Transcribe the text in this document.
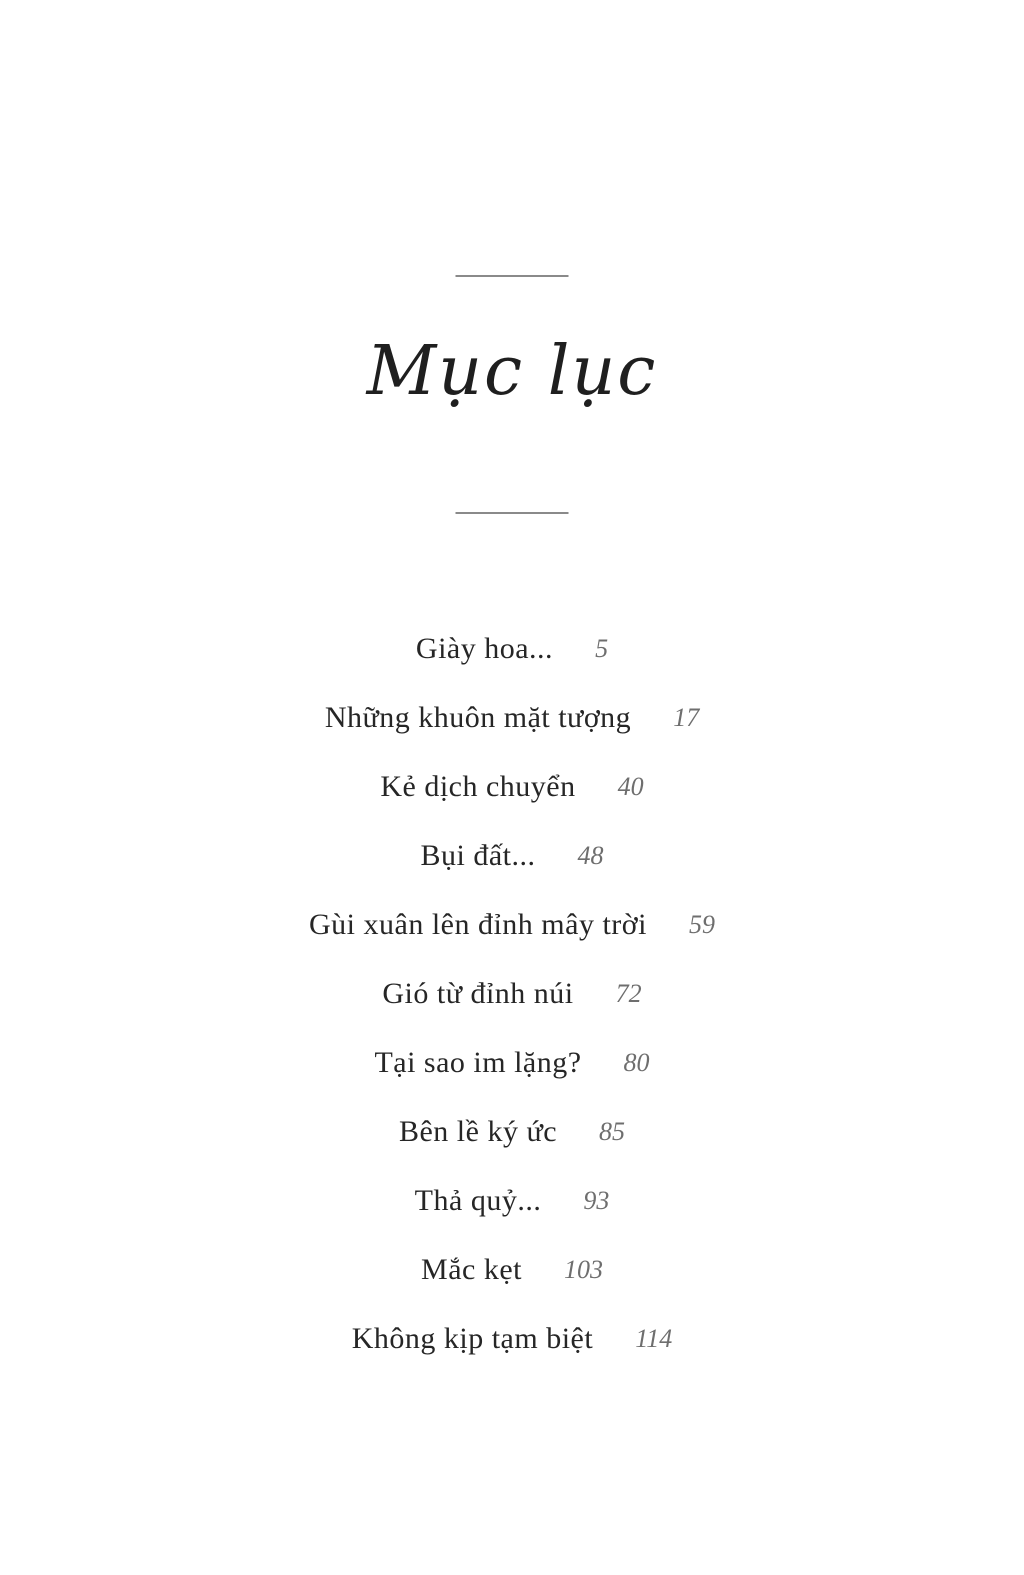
Mục lục
Giày hoa... 5
Những khuôn mặt tượng 17
Kẻ dịch chuyển 40
Bụi đất... 48
Gùi xuân lên đỉnh mây trời 59
Gió từ đỉnh núi 72
Tại sao im lặng? 80
Bên lề ký ức 85
Thả quỷ... 93
Mắc kẹt 103
Không kịp tạm biệt 114
